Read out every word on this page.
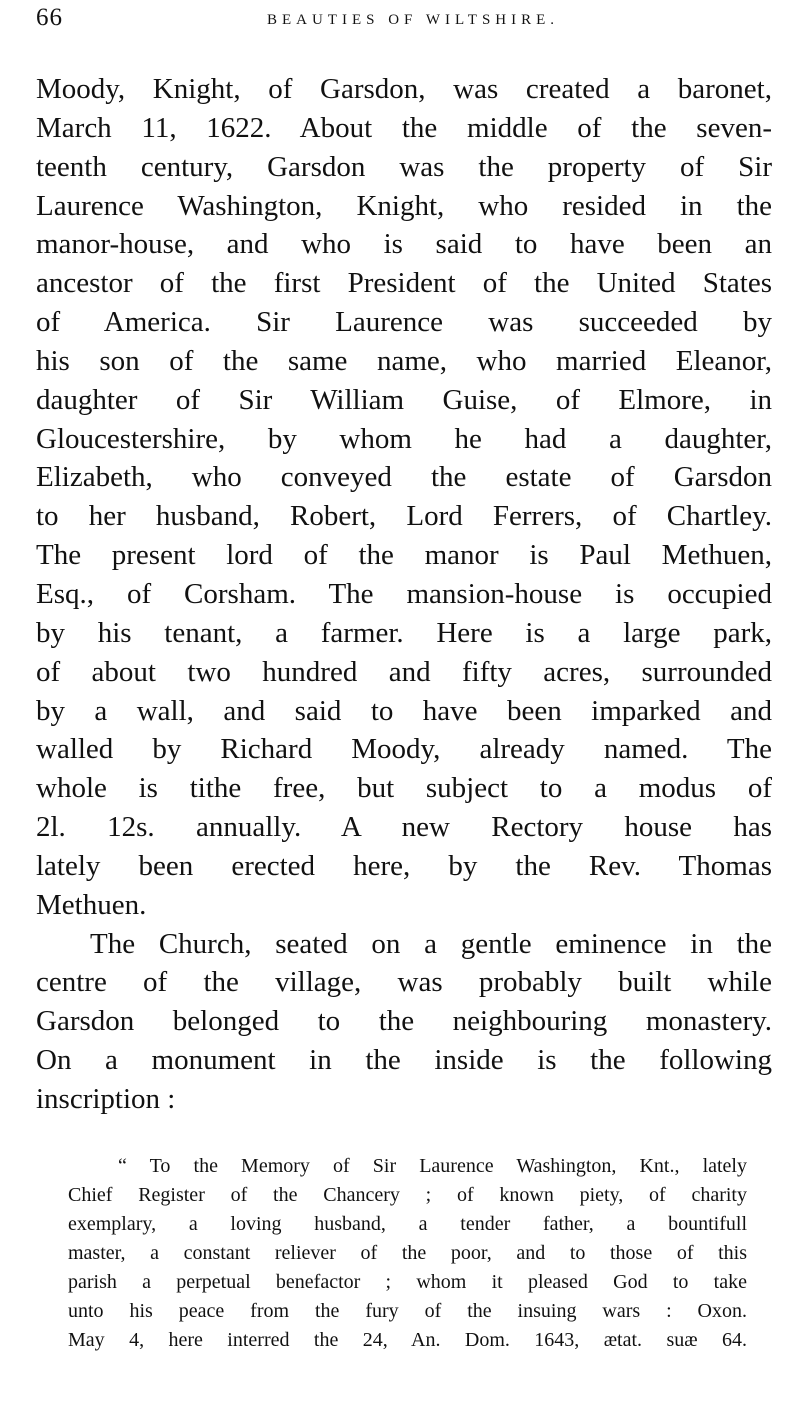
66	BEAUTIES OF WILTSHIRE.
Moody, Knight, of Garsdon, was created a baronet,
March 11, 1622. About the middle of the seven-
teenth century, Garsdon was the property of Sir
Laurence Washington, Knight, who resided in the
manor-house, and who is said to have been an
ancestor of the first President of the United States
of America. Sir Laurence was succeeded by
his son of the same name, who married Eleanor,
daughter of Sir William Guise, of Elmore, in
Gloucestershire, by whom he had a daughter,
Elizabeth, who conveyed the estate of Garsdon
to her husband, Robert, Lord Ferrers, of Chartley.
The present lord of the manor is Paul Methuen,
Esq., of Corsham. The mansion-house is occupied
by his tenant, a farmer. Here is a large park,
of about two hundred and fifty acres, surrounded
by a wall, and said to have been imparked and
walled by Richard Moody, already named. The
whole is tithe free, but subject to a modus of
2l. 12s. annually. A new Rectory house has
lately been erected here, by the Rev. Thomas
Methuen.
The Church, seated on a gentle eminence in the
centre of the village, was probably built while
Garsdon belonged to the neighbouring monastery.
On a monument in the inside is the following
inscription :
“ To the Memory of Sir Laurence Washington, Knt., lately
Chief Register of the Chancery ; of known piety, of charity
exemplary, a loving husband, a tender father, a bountifull
master, a constant reliever of the poor, and to those of this
parish a perpetual benefactor ; whom it pleased God to take
unto his peace from the fury of the insuing wars : Oxon.
May 4, here interred the 24, An. Dom. 1643, ætat. suæ 64.
